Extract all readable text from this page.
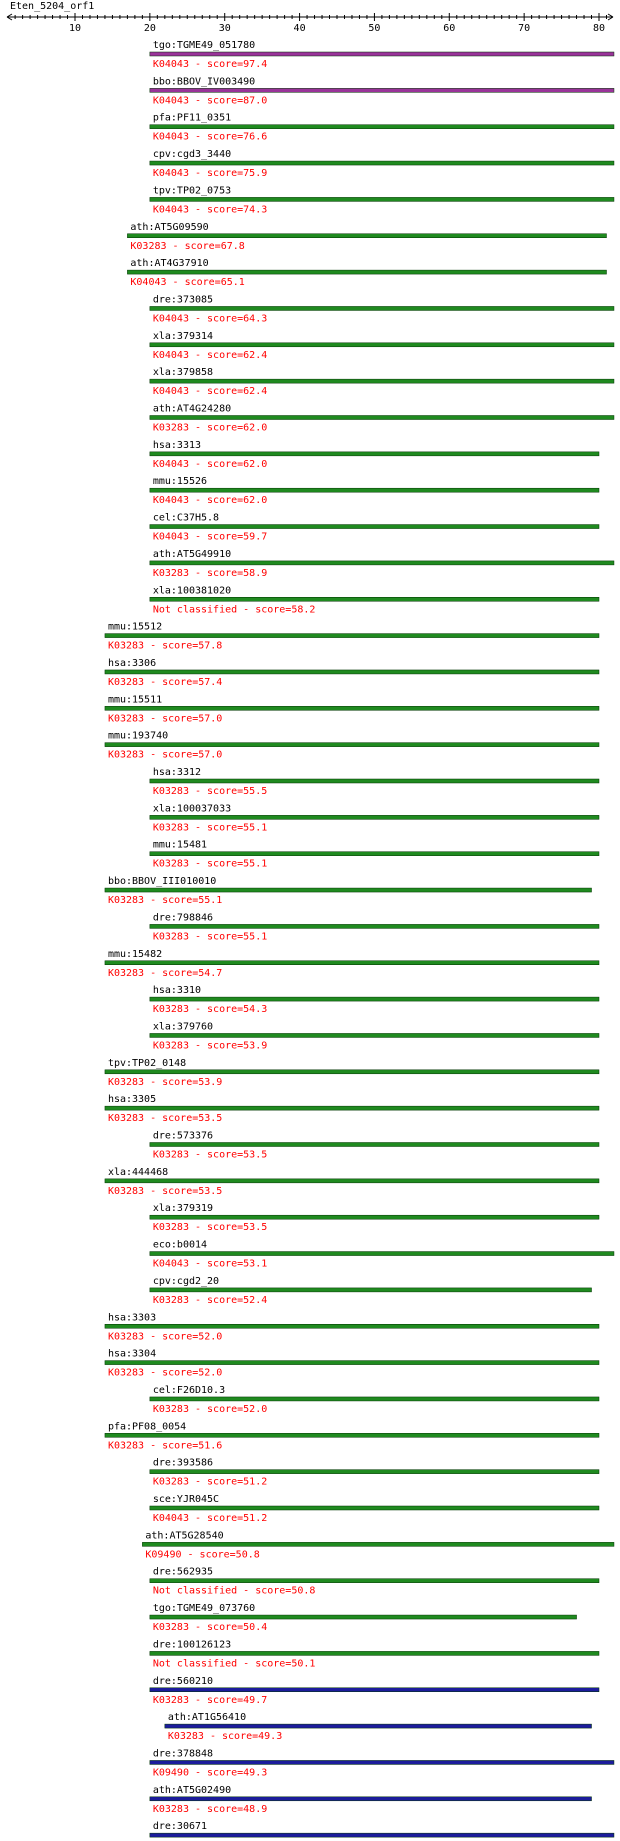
Eten_5204_orf1
10	20	30	40	50	60	70	80
tgo:TGME49_051780
K04043 - score=97.4
bbo:BBOV_IV003490
K04043 - score=87.0
pfa:PF11_0351
K04043 - score=76.6
cpv:cgd3_3440
K04043 - score=75.9
tpv:TP02_0753
K04043 - score=74.3
ath:AT5G09590
K03283 - score=67.8
ath:AT4G37910
K04043 - score=65.1
dre:373085
K04043 - score=64.3
xla:379314
K04043 - score=62.4
xla:379858
K04043 - score=62.4
ath:AT4G24280
K03283 - score=62.0
hsa:3313
K04043 - score=62.0
mmu:15526
K04043 - score=62.0
cel:C37H5.8
K04043 - score=59.7
ath:AT5G49910
K03283 - score=58.9
xla:100381020
Not classified - score=58.2
mmu:15512
K03283 - score=57.8
hsa:3306
K03283 - score=57.4
mmu:15511
K03283 - score=57.0
mmu:193740
K03283 - score=57.0
hsa:3312
K03283 - score=55.5
xla:100037033
K03283 - score=55.1
mmu:15481
K03283 - score=55.1
bbo:BBOV_III010010
K03283 - score=55.1
dre:798846
K03283 - score=55.1
mmu:15482
K03283 - score=54.7
hsa:3310
K03283 - score=54.3
xla:379760
K03283 - score=53.9
tpv:TP02_0148
K03283 - score=53.9
hsa:3305
K03283 - score=53.5
dre:573376
K03283 - score=53.5
xla:444468
K03283 - score=53.5
xla:379319
K03283 - score=53.5
eco:b0014
K04043 - score=53.1
cpv:cgd2_20
K03283 - score=52.4
hsa:3303
K03283 - score=52.0
hsa:3304
K03283 - score=52.0
cel:F26D10.3
K03283 - score=52.0
pfa:PF08_0054
K03283 - score=51.6
dre:393586
K03283 - score=51.2
sce:YJR045C
K04043 - score=51.2
ath:AT5G28540
K09490 - score=50.8
dre:562935
Not classified - score=50.8
tgo:TGME49_073760
K03283 - score=50.4
dre:100126123
Not classified - score=50.1
dre:560210
K03283 - score=49.7
ath:AT1G56410
K03283 - score=49.3
dre:378848
K09490 - score=49.3
ath:AT5G02490
K03283 - score=48.9
dre:30671
